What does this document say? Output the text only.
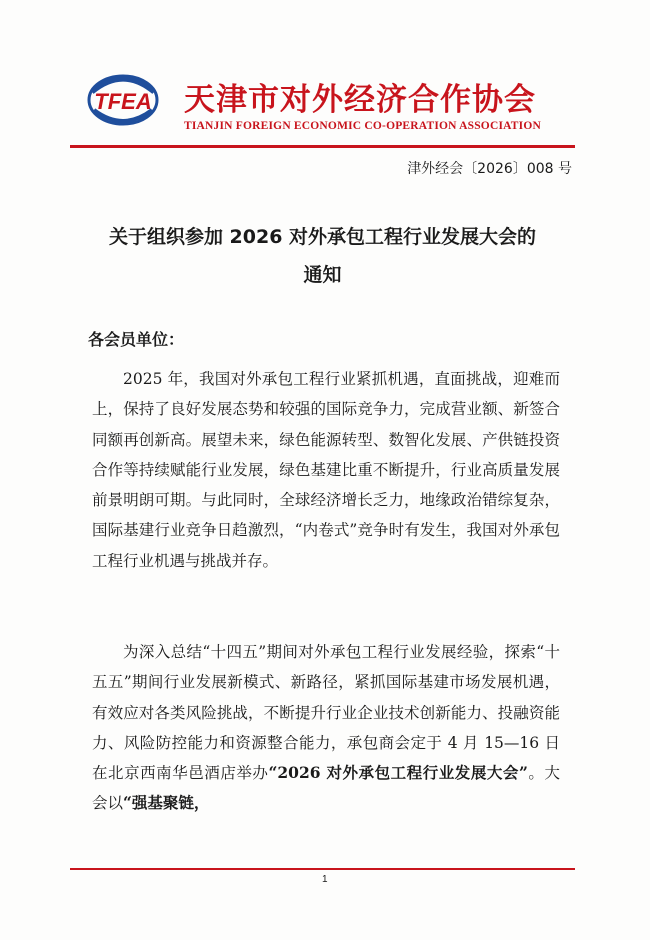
TFEA 天津市对外经济合作协会
TIANJIN FOREIGN ECONOMIC CO-OPERATION ASSOCIATION
津外经会〔2026〕008 号
关于组织参加 2026 对外承包工程行业发展大会的
通知
各会员单位：

2025 年，我国对外承包工程行业紧抓机遇，直面挑战，迎难而上，保持了良好发展态势和较强的国际竞争力，完成营业额、新签合同额再创新高。展望未来，绿色能源转型、数智化发展、产供链投资合作等持续赋能行业发展，绿色基建比重不断提升，行业高质量发展前景明朗可期。与此同时，全球经济增长乏力，地缘政治错综复杂，国际基建行业竞争日趋激烈，“内卷式”竞争时有发生，我国对外承包工程行业机遇与挑战并存。

为深入总结“十四五”期间对外承包工程行业发展经验，探索“十五五”期间行业发展新模式、新路径，紧抓国际基建市场发展机遇，有效应对各类风险挑战，不断提升行业企业技术创新能力、投融资能力、风险防控能力和资源整合能力，承包商会定于 4 月 15—16 日在北京西南华邑酒店举办“2026 对外承包工程行业发展大会”。大会以“强基聚链，

1
